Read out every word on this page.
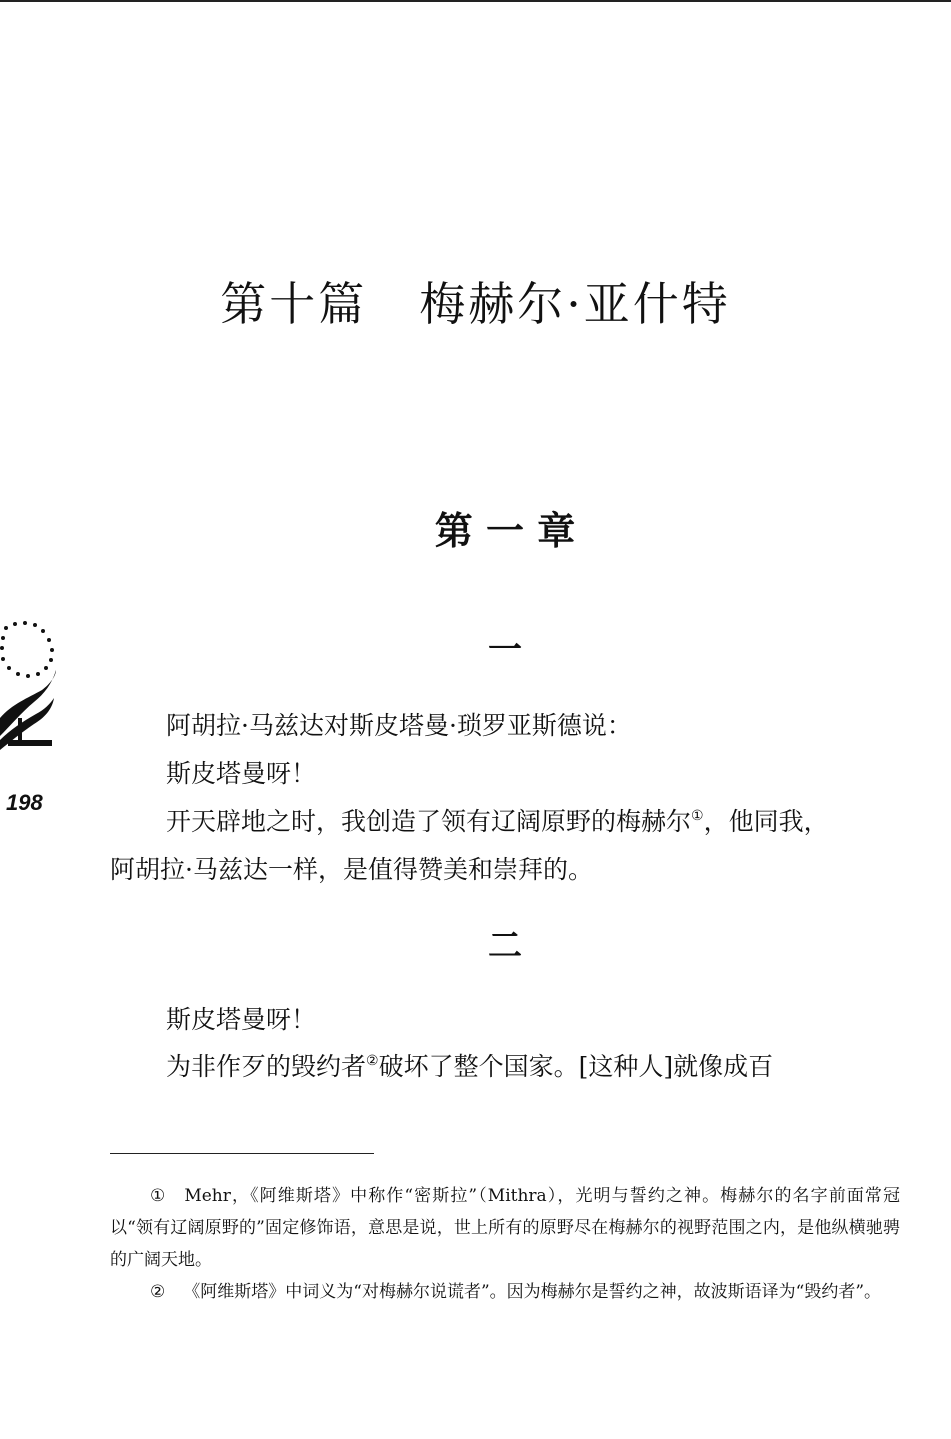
第十篇 梅赫尔·亚什特
第 一 章
一

阿胡拉·马兹达对斯皮塔曼·琐罗亚斯德说：

斯皮塔曼呀！

开天辟地之时，我创造了领有辽阔原野的梅赫尔①，他同我，
阿胡拉·马兹达一样，是值得赞美和崇拜的。

二

斯皮塔曼呀！

为非作歹的毁约者②破坏了整个国家。[这种人]就像成百

198

① Mehr，《阿维斯塔》中称作“密斯拉”（Mithra），光明与誓约之神。梅赫尔的名字前面常冠以“领有辽阔原野的”固定修饰语，意思是说，世上所有的原野尽在梅赫尔的视野范围之内，是他纵横驰骋的广阔天地。

② 《阿维斯塔》中词义为“对梅赫尔说谎者”。因为梅赫尔是誓约之神，故波斯语译为“毁约者”。
